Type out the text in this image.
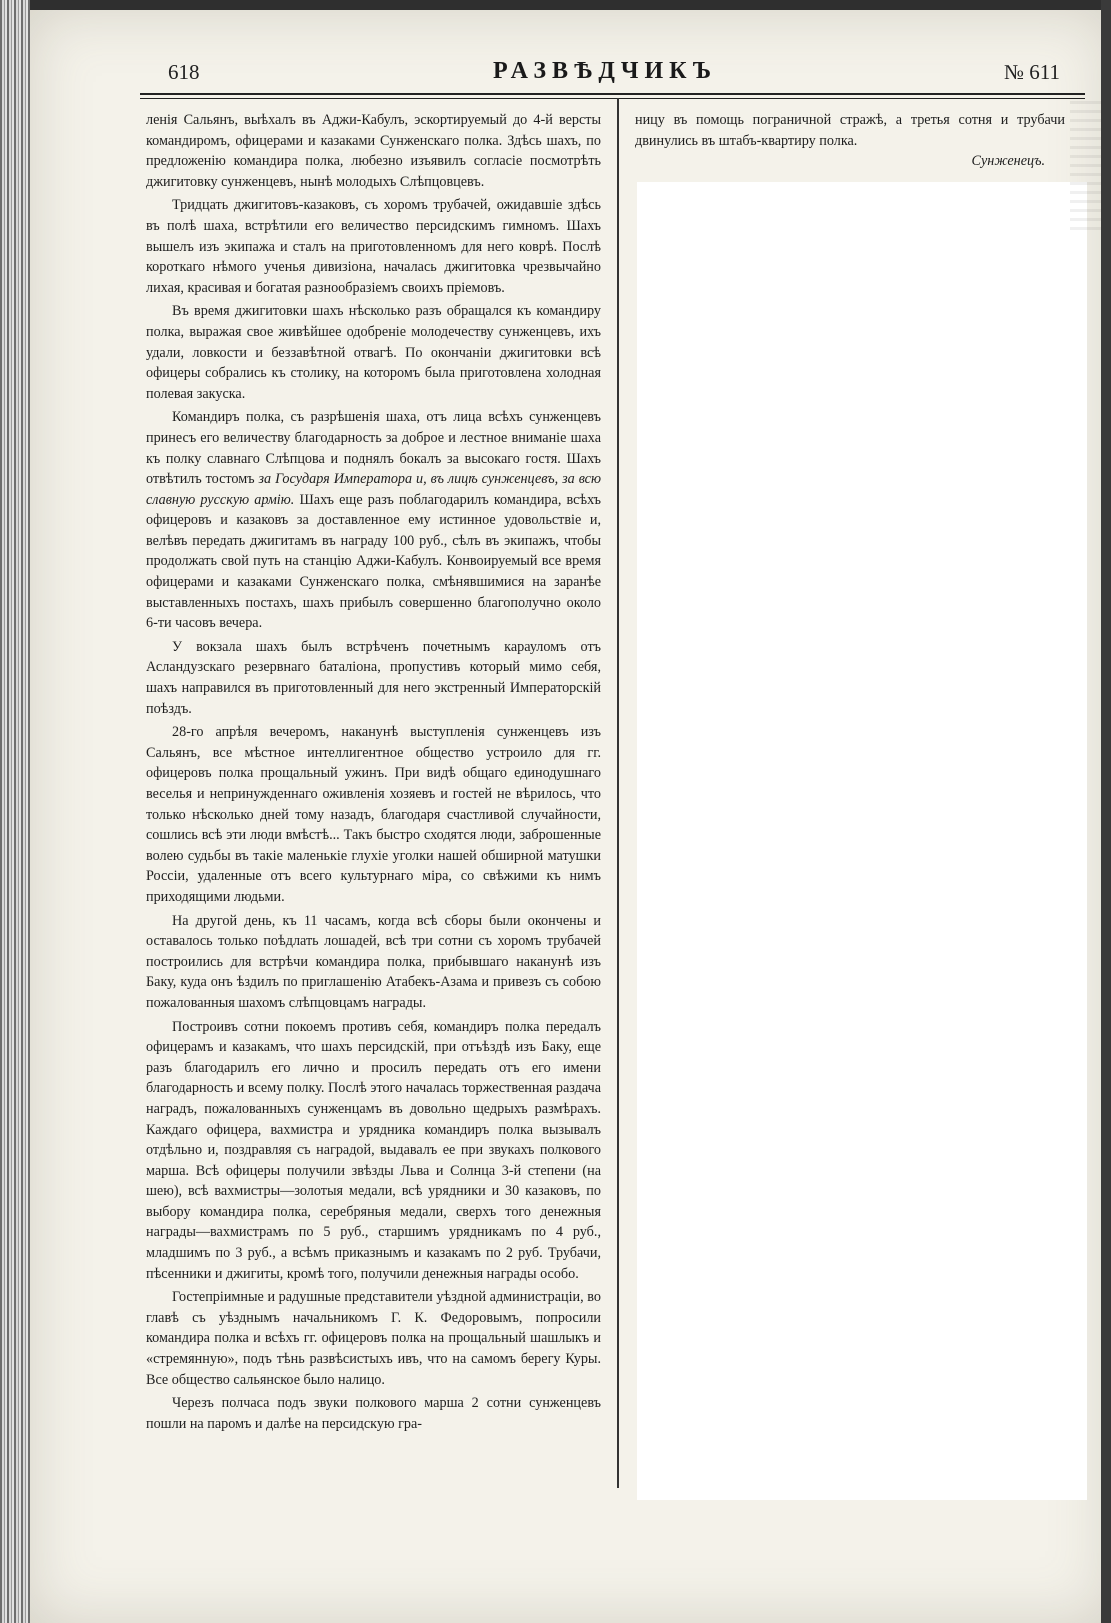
618	РАЗВѢДЧИКЪ	№ 611

ленія Сальянъ, выѣхалъ въ Аджи-Кабулъ, эскортируемый до 4-й версты командиромъ, офицерами и казаками Сунженскаго полка. Здѣсь шахъ, по предложенію командира полка, любезно изъявилъ согласіе посмотрѣть джигитовку сунженцевъ, нынѣ молодыхъ Слѣпцовцевъ.

Тридцать джигитовъ-казаковъ, съ хоромъ трубачей, ожидавшіе здѣсь въ полѣ шаха, встрѣтили его величество персидскимъ гимномъ. Шахъ вышелъ изъ экипажа и сталъ на приготовленномъ для него коврѣ. Послѣ короткаго нѣмого ученья дивизіона, началась джигитовка чрезвычайно лихая, красивая и богатая разнообразіемъ своихъ пріемовъ.

Въ время джигитовки шахъ нѣсколько разъ обращался къ командиру полка, выражая свое живѣйшее одобреніе молодечеству сунженцевъ, ихъ удали, ловкости и беззавѣтной отвагѣ. По окончаніи джигитовки всѣ офицеры собрались къ столику, на которомъ была приготовлена холодная полевая закуска.

Командиръ полка, съ разрѣшенія шаха, отъ лица всѣхъ сунженцевъ принесъ его величеству благодарность за доброе и лестное вниманіе шаха къ полку славнаго Слѣпцова и поднялъ бокалъ за высокаго гостя. Шахъ отвѣтилъ тостомъ за Государя Императора и, въ лицѣ сунженцевъ, за всю славную русскую армію. Шахъ еще разъ поблагодарилъ командира, всѣхъ офицеровъ и казаковъ за доставленное ему истинное удовольствіе и, велѣвъ передать джигитамъ въ награду 100 руб., сѣлъ въ экипажъ, чтобы продолжать свой путь на станцію Аджи-Кабулъ. Конвоируемый все время офицерами и казаками Сунженскаго полка, смѣнявшимися на заранѣе выставленныхъ постахъ, шахъ прибылъ совершенно благополучно около 6-ти часовъ вечера.

У вокзала шахъ былъ встрѣченъ почетнымъ карауломъ отъ Асландузскаго резервнаго баталіона, пропустивъ который мимо себя, шахъ направился въ приготовленный для него экстренный Императорскій поѣздъ.

28-го апрѣля вечеромъ, наканунѣ выступленія сунженцевъ изъ Сальянъ, все мѣстное интеллигентное общество устроило для гг. офицеровъ полка прощальный ужинъ. При видѣ общаго единодушнаго веселья и непринужденнаго оживленія хозяевъ и гостей не вѣрилось, что только нѣсколько дней тому назадъ, благодаря счастливой случайности, сошлись всѣ эти люди вмѣстѣ... Такъ быстро сходятся люди, заброшенные волею судьбы въ такіе маленькіе глухіе уголки нашей обширной матушки Россіи, удаленные отъ всего культурнаго міра, со свѣжими къ нимъ приходящими людьми.

На другой день, къ 11 часамъ, когда всѣ сборы были окончены и оставалось только поѣдлать лошадей, всѣ три сотни съ хоромъ трубачей построились для встрѣчи командира полка, прибывшаго наканунѣ изъ Баку, куда онъ ѣздилъ по приглашенію Атабекъ-Азама и привезъ съ собою пожалованныя шахомъ слѣпцовцамъ награды.

Построивъ сотни покоемъ противъ себя, командиръ полка передалъ офицерамъ и казакамъ, что шахъ персидскій, при отъѣздѣ изъ Баку, еще разъ благодарилъ его лично и просилъ передать отъ его имени благодарность и всему полку. Послѣ этого началась торжественная раздача наградъ, пожалованныхъ сунженцамъ въ довольно щедрыхъ размѣрахъ. Каждаго офицера, вахмистра и урядника командиръ полка вызывалъ отдѣльно и, поздравляя съ наградой, выдавалъ ее при звукахъ полкового марша. Всѣ офицеры получили звѣзды Льва и Солнца 3-й степени (на шею), всѣ вахмистры—золотыя медали, всѣ урядники и 30 казаковъ, по выбору командира полка, серебряныя медали, сверхъ того денежныя награды—вахмистрамъ по 5 руб., старшимъ урядникамъ по 4 руб., младшимъ по 3 руб., а всѣмъ приказнымъ и казакамъ по 2 руб. Трубачи, пѣсенники и джигиты, кромѣ того, получили денежныя награды особо.

Гостепріимные и радушные представители уѣздной администраціи, во главѣ съ уѣзднымъ начальникомъ Г. К. Федоровымъ, попросили командира полка и всѣхъ гг. офицеровъ полка на прощальный шашлыкъ и «стремянную», подъ тѣнь развѣсистыхъ ивъ, что на самомъ берегу Куры. Все общество сальянское было налицо.

Черезъ полчаса подъ звуки полкового марша 2 сотни сунженцевъ пошли на паромъ и далѣе на персидскую гра-

ницу въ помощь пограничной стражѣ, а третья сотня и трубачи двинулись въ штабъ-квартиру полка.

Сунженецъ.
